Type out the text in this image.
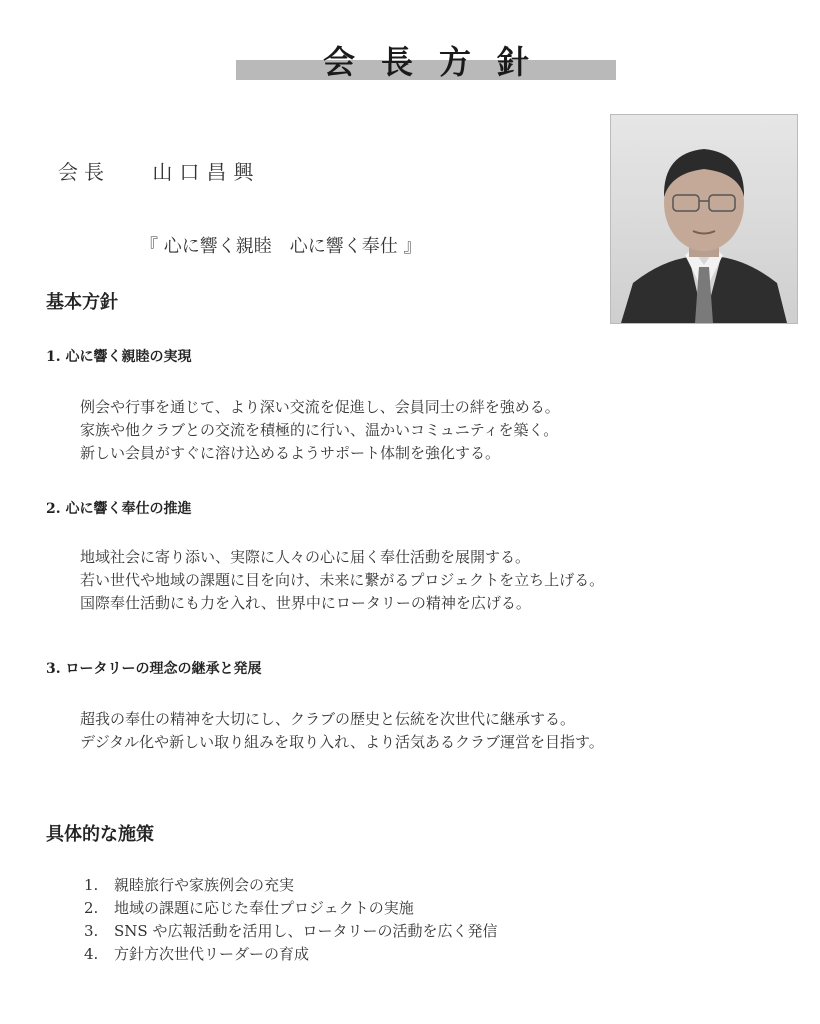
会長方針
会長 山口昌興
『 心に響く親睦　心に響く奉仕 』
基本方針
1. 心に響く親睦の実現
例会や行事を通じて、より深い交流を促進し、会員同士の絆を強める。
家族や他クラブとの交流を積極的に行い、温かいコミュニティを築く。
新しい会員がすぐに溶け込めるようサポート体制を強化する。
2. 心に響く奉仕の推進
地域社会に寄り添い、実際に人々の心に届く奉仕活動を展開する。
若い世代や地域の課題に目を向け、未来に繋がるプロジェクトを立ち上げる。
国際奉仕活動にも力を入れ、世界中にロータリーの精神を広げる。
3. ロータリーの理念の継承と発展
超我の奉仕の精神を大切にし、クラブの歴史と伝統を次世代に継承する。
デジタル化や新しい取り組みを取り入れ、より活気あるクラブ運営を目指す。
具体的な施策
1. 親睦旅行や家族例会の充実
2. 地域の課題に応じた奉仕プロジェクトの実施
3. SNS や広報活動を活用し、ロータリーの活動を広く発信
4. 方針方次世代リーダーの育成
